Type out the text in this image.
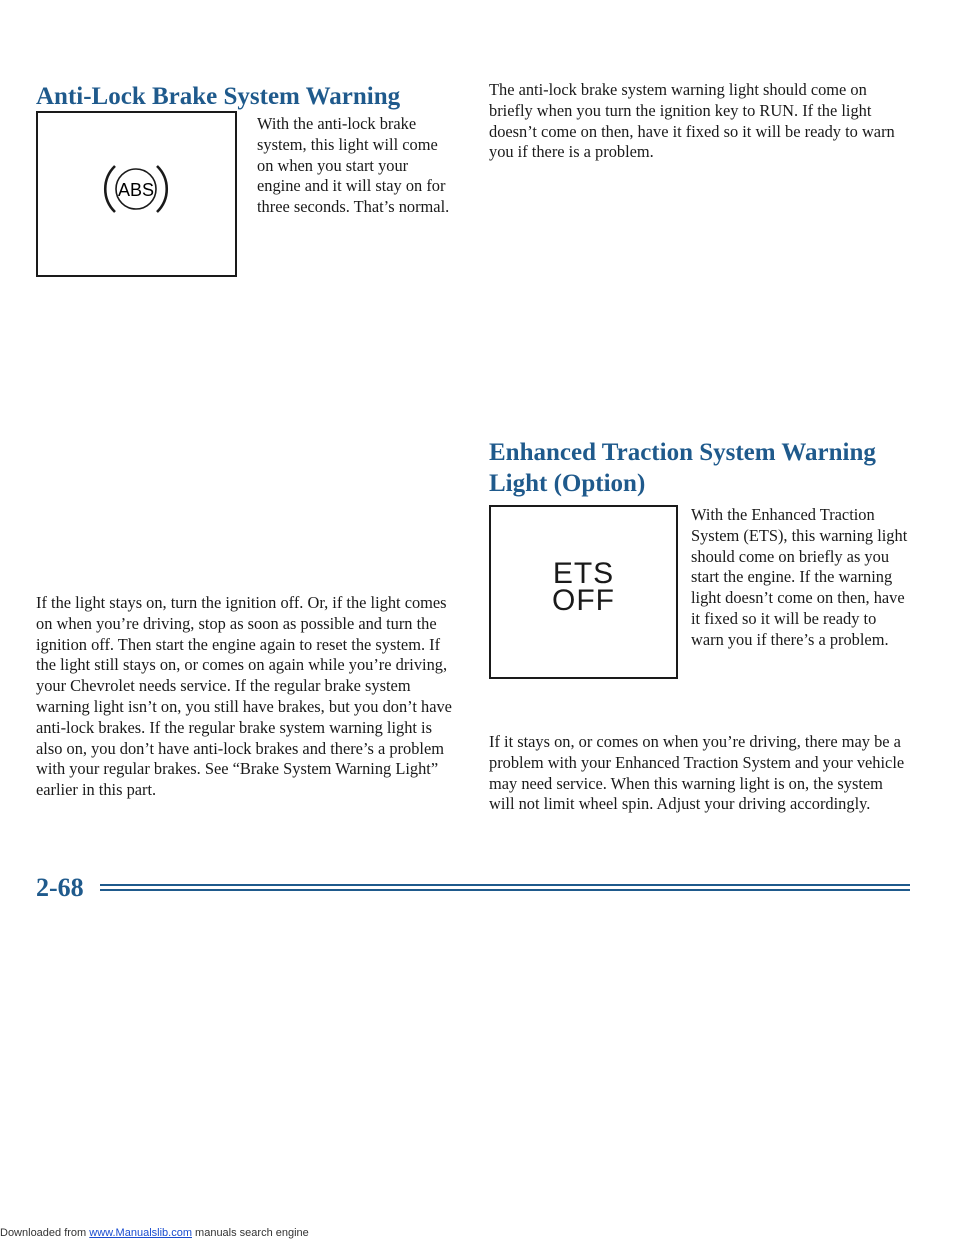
Anti-Lock Brake System Warning
ABS

With the anti-lock brake system, this light will come on when you start your engine and it will stay on for three seconds. That’s normal.

If the light stays on, turn the ignition off. Or, if the light comes on when you’re driving, stop as soon as possible and turn the ignition off. Then start the engine again to reset the system. If the light still stays on, or comes on again while you’re driving, your Chevrolet needs service. If the regular brake system warning light isn’t on, you still have brakes, but you don’t have anti-lock brakes. If the regular brake system warning light is also on, you don’t have anti-lock brakes and there’s a problem with your regular brakes. See “Brake System Warning Light” earlier in this part.

The anti-lock brake system warning light should come on briefly when you turn the ignition key to RUN. If the light doesn’t come on then, have it fixed so it will be ready to warn you if there is a problem.

Enhanced Traction System Warning Light (Option)
ETS
OFF

With the Enhanced Traction System (ETS), this warning light should come on briefly as you start the engine. If the warning light doesn’t come on then, have it fixed so it will be ready to warn you if there’s a problem.

If it stays on, or comes on when you’re driving, there may be a problem with your Enhanced Traction System and your vehicle may need service. When this warning light is on, the system will not limit wheel spin. Adjust your driving accordingly.

2-68
Downloaded from www.Manualslib.com manuals search engine
